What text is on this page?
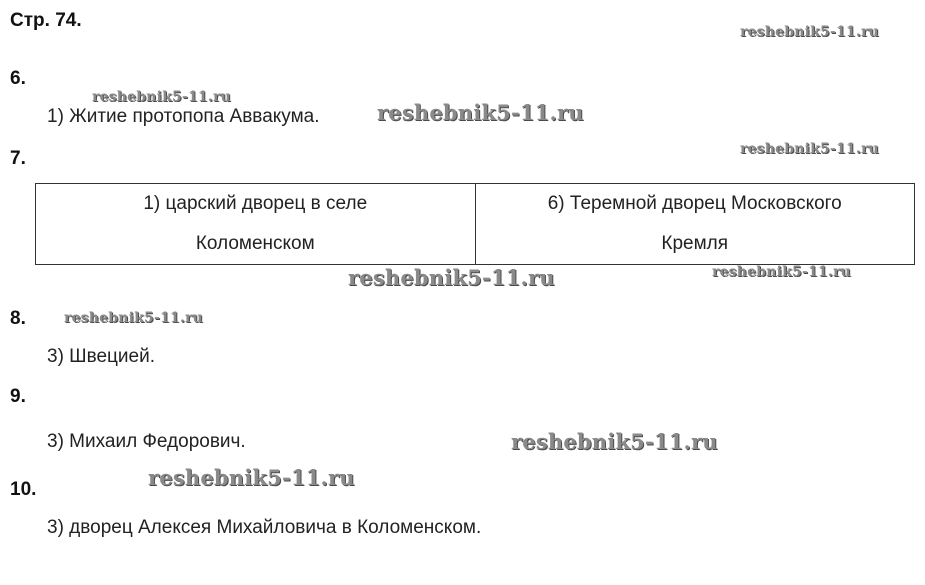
Стр. 74.
6.
1) Житие протопопа Аввакума.
7.
1) царский дворец в селе
Коломенском

6) Теремной дворец Московского
Кремля
8.
3) Швецией.
9.
3) Михаил Федорович.
10.
3) дворец Алексея Михайловича в Коломенском.
reshebnik5-11.ru
reshebnik5-11.ru
reshebnik5-11.ru
reshebnik5-11.ru
reshebnik5-11.ru	reshebnik5-11.ru
reshebnik5-11.ru
reshebnik5-11.ru
reshebnik5-11.ru
